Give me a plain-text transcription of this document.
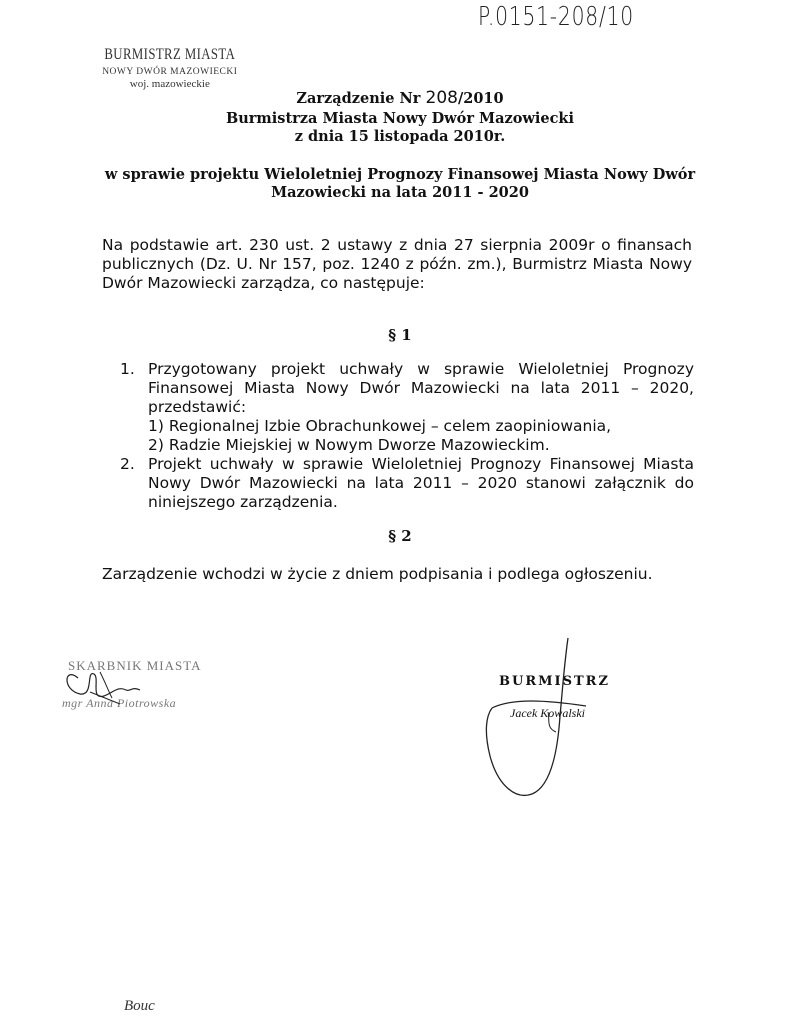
P.0151-208/10
BURMISTRZ MIASTA
NOWY DWÓR MAZOWIECKI
woj. mazowieckie
Zarządzenie Nr 208/2010
Burmistrza Miasta Nowy Dwór Mazowiecki
z dnia 15 listopada 2010r.
w sprawie projektu Wieloletniej Prognozy Finansowej Miasta Nowy Dwór
Mazowiecki na lata 2011 - 2020
Na podstawie art. 230 ust. 2 ustawy z dnia 27 sierpnia 2009r o finansach publicznych (Dz. U. Nr 157, poz. 1240 z późn. zm.), Burmistrz Miasta Nowy Dwór Mazowiecki zarządza, co następuje:
§ 1
1. Przygotowany projekt uchwały w sprawie Wieloletniej Prognozy Finansowej Miasta Nowy Dwór Mazowiecki na lata 2011 – 2020, przedstawić:
1) Regionalnej Izbie Obrachunkowej – celem zaopiniowania,
2) Radzie Miejskiej w Nowym Dworze Mazowieckim.
2. Projekt uchwały w sprawie Wieloletniej Prognozy Finansowej Miasta Nowy Dwór Mazowiecki na lata 2011 – 2020 stanowi załącznik do niniejszego zarządzenia.
§ 2
Zarządzenie wchodzi w życie z dniem podpisania i podlega ogłoszeniu.
SKARBNIK MIASTA
mgr Anna Piotrowska
BURMISTRZ
Jacek Kowalski
Bouc
